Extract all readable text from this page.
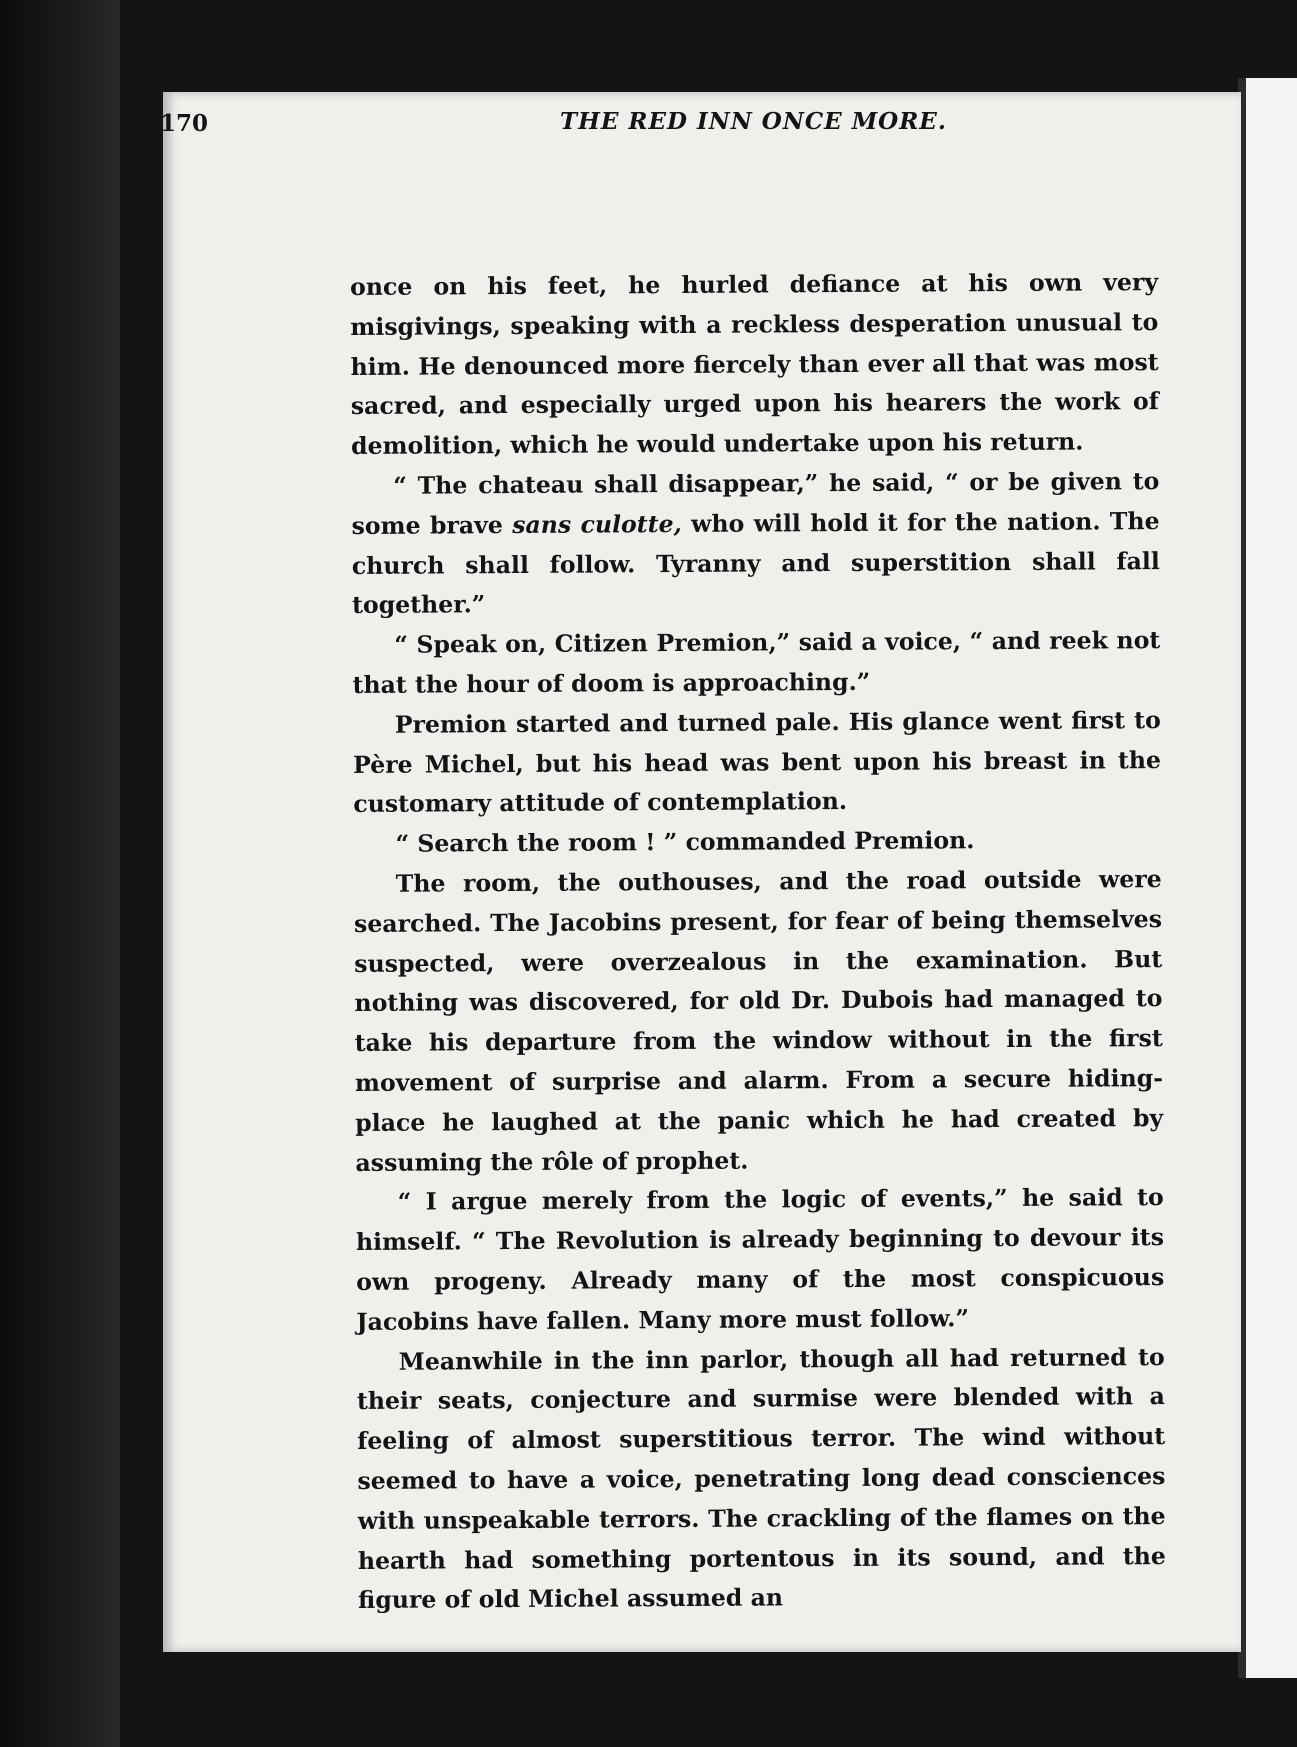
170	THE RED INN ONCE MORE.

once on his feet, he hurled defiance at his own very misgivings, speaking with a reckless desperation unusual to him. He denounced more fiercely than ever all that was most sacred, and especially urged upon his hearers the work of demolition, which he would undertake upon his return.

“ The chateau shall disappear,” he said, “ or be given to some brave sans culotte, who will hold it for the nation. The church shall follow. Tyranny and superstition shall fall together.”

“ Speak on, Citizen Premion,” said a voice, “ and reek not that the hour of doom is approaching.”

Premion started and turned pale. His glance went first to Père Michel, but his head was bent upon his breast in the customary attitude of contemplation.

“ Search the room ! ” commanded Premion.

The room, the outhouses, and the road outside were searched. The Jacobins present, for fear of being themselves suspected, were overzealous in the examination. But nothing was discovered, for old Dr. Dubois had managed to take his departure from the window without in the first movement of surprise and alarm. From a secure hiding-place he laughed at the panic which he had created by assuming the rôle of prophet.

“ I argue merely from the logic of events,” he said to himself. “ The Revolution is already beginning to devour its own progeny. Already many of the most conspicuous Jacobins have fallen. Many more must follow.”

Meanwhile in the inn parlor, though all had returned to their seats, conjecture and surmise were blended with a feeling of almost superstitious terror. The wind without seemed to have a voice, penetrating long dead consciences with unspeakable terrors. The crackling of the flames on the hearth had something portentous in its sound, and the figure of old Michel assumed an
